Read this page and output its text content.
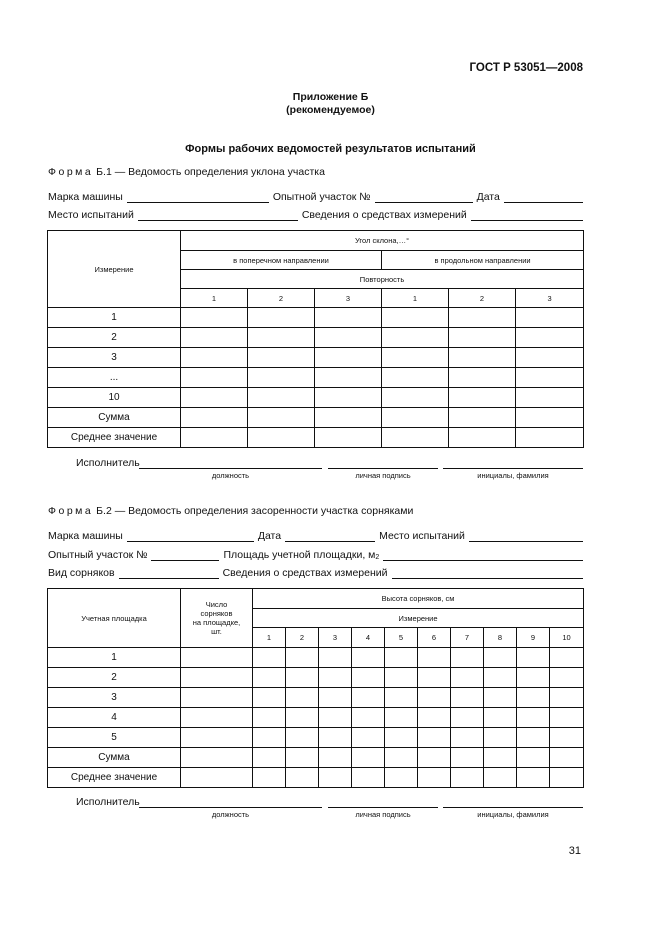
ГОСТ Р 53051—2008
Приложение Б
(рекомендуемое)
Формы рабочих ведомостей результатов испытаний
Форма Б.1 — Ведомость определения уклона участка
Марка машины	Опытной участок №	Дата
Место испытаний	Сведения о средствах измерений
Измерение	Угол склона,…°					
	в поперечном направлении			в продольном направлении		
	Повторность					
	1	2	3	1	2	3
1						
2						
3						
...						
10						
Сумма						
Среднее значение						
Исполнитель
должность	личная подпись	инициалы, фамилия
Форма Б.2 — Ведомость определения засоренности участка сорняками
Марка машины	Дата	Место испытаний
Опытный участок №	Площадь учетной площадки, $м_2$
Вид сорняков	Сведения о средствах измерений
Учетная площадка	Число
сорняков
на площадке,
шт.	Высота сорняков, см									
		Измерение									
		1	2	3	4	5	6	7	8	9	10
1											
2											
3											
4											
5											
Сумма											
Среднее значение											
Исполнитель
должность	личная подпись	инициалы, фамилия
31
